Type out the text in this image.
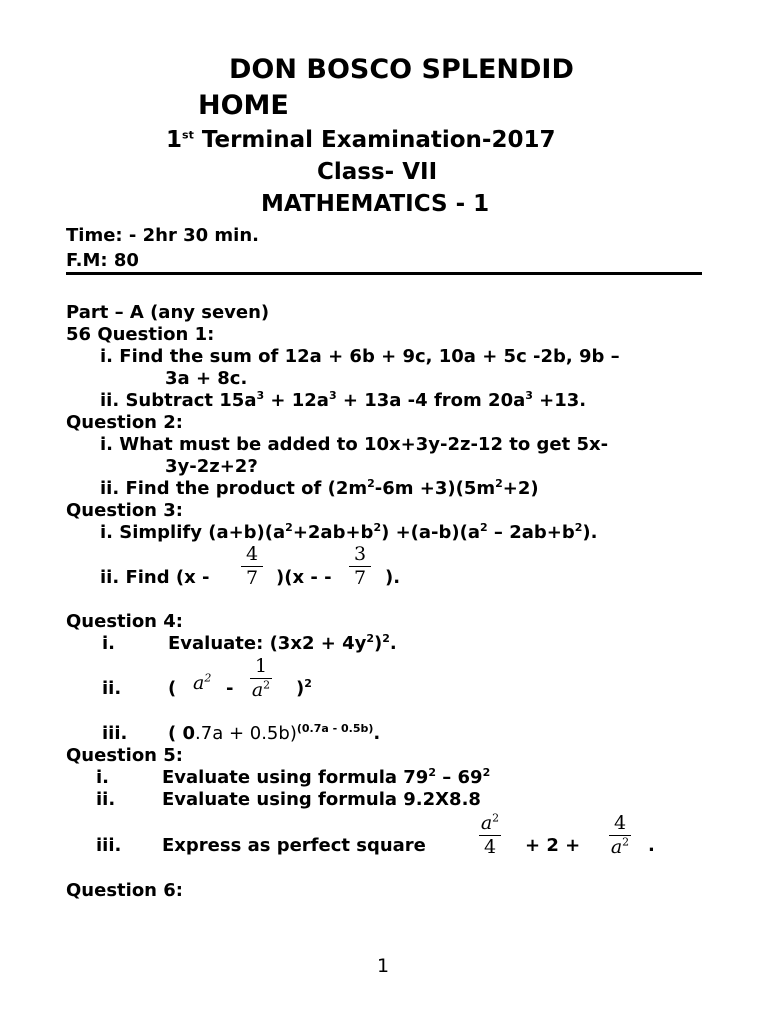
DON BOSCO SPLENDID
HOME
1st Terminal Examination-2017
Class- VII
MATHEMATICS - 1
Time: - 2hr 30 min.
F.M: 80
Part – A (any seven)
56 Question 1:
i. Find the sum of 12a + 6b + 9c, 10a + 5c -2b, 9b –
3a + 8c.
ii. Subtract $15a^3 + 12a^3 + 13a$ -4 from $20a^3 +13$.
Question 2:
i. What must be added to 10x+3y-2z-12 to get 5x-
3y-2z+2?
ii. Find the product of $(2m^2-6m +3)(5m^2+2)$
Question 3:
i. Simplify $(a+b)(a^2+2ab+b^2) +(a-b)(a^2 - 2ab+b^2)$.
ii. Find (x -
4
7 )(x - -
3
7 ).
Question 4:
i.	Evaluate: $(3x2 + 4y^2)^2$.
ii.	( $a^2$ -
1
$a^2$ )$^2$
iii. ( 0.7a + 0.5b)$^{(0.7a - 0.5b)}$.
Question 5:
i.	Evaluate using formula $79^2 - 69^2$
ii.	Evaluate using formula 9.2X8.8
iii. Express as perfect square
$a^2$
4 + 2 +
4
$a^2$ .
Question 6:
1
